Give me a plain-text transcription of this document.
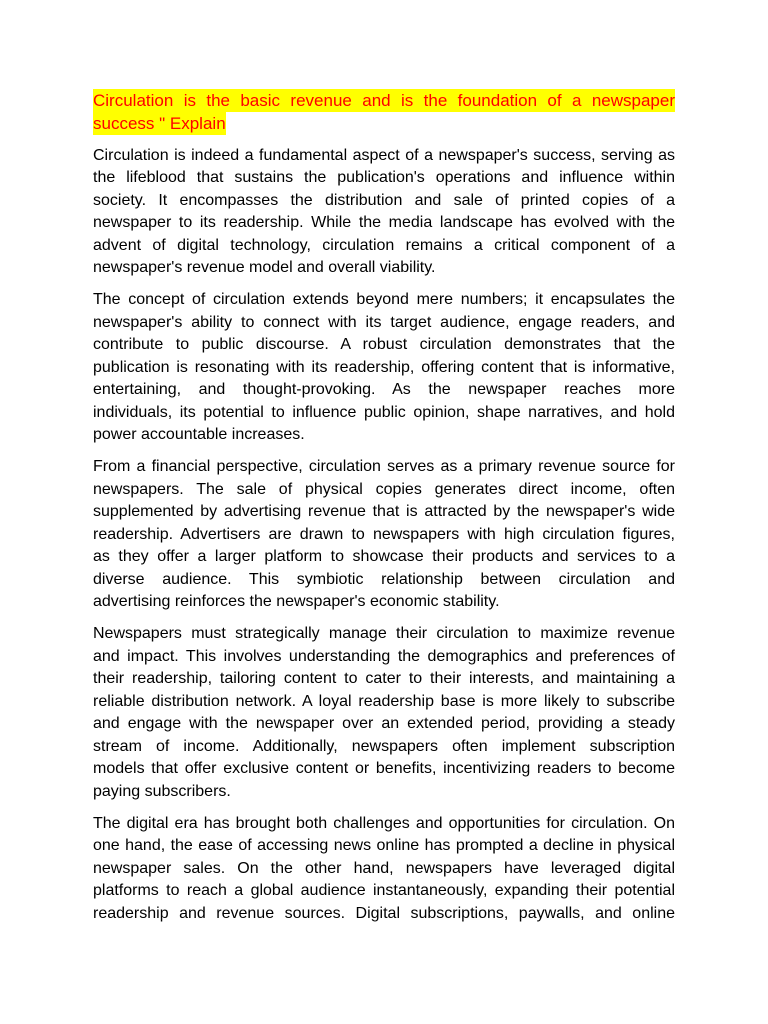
Circulation is the basic revenue and is the foundation of a newspaper
success " Explain
Circulation is indeed a fundamental aspect of a newspaper's success, serving as
the lifeblood that sustains the publication's operations and influence within
society. It encompasses the distribution and sale of printed copies of a
newspaper to its readership. While the media landscape has evolved with the
advent of digital technology, circulation remains a critical component of a
newspaper's revenue model and overall viability.
The concept of circulation extends beyond mere numbers; it encapsulates the
newspaper's ability to connect with its target audience, engage readers, and
contribute to public discourse. A robust circulation demonstrates that the
publication is resonating with its readership, offering content that is informative,
entertaining, and thought-provoking. As the newspaper reaches more
individuals, its potential to influence public opinion, shape narratives, and hold
power accountable increases.
From a financial perspective, circulation serves as a primary revenue source for
newspapers. The sale of physical copies generates direct income, often
supplemented by advertising revenue that is attracted by the newspaper's wide
readership. Advertisers are drawn to newspapers with high circulation figures,
as they offer a larger platform to showcase their products and services to a
diverse audience. This symbiotic relationship between circulation and
advertising reinforces the newspaper's economic stability.
Newspapers must strategically manage their circulation to maximize revenue
and impact. This involves understanding the demographics and preferences of
their readership, tailoring content to cater to their interests, and maintaining a
reliable distribution network. A loyal readership base is more likely to subscribe
and engage with the newspaper over an extended period, providing a steady
stream of income. Additionally, newspapers often implement subscription
models that offer exclusive content or benefits, incentivizing readers to become
paying subscribers.
The digital era has brought both challenges and opportunities for circulation. On
one hand, the ease of accessing news online has prompted a decline in physical
newspaper sales. On the other hand, newspapers have leveraged digital
platforms to reach a global audience instantaneously, expanding their potential
readership and revenue sources. Digital subscriptions, paywalls, and online
